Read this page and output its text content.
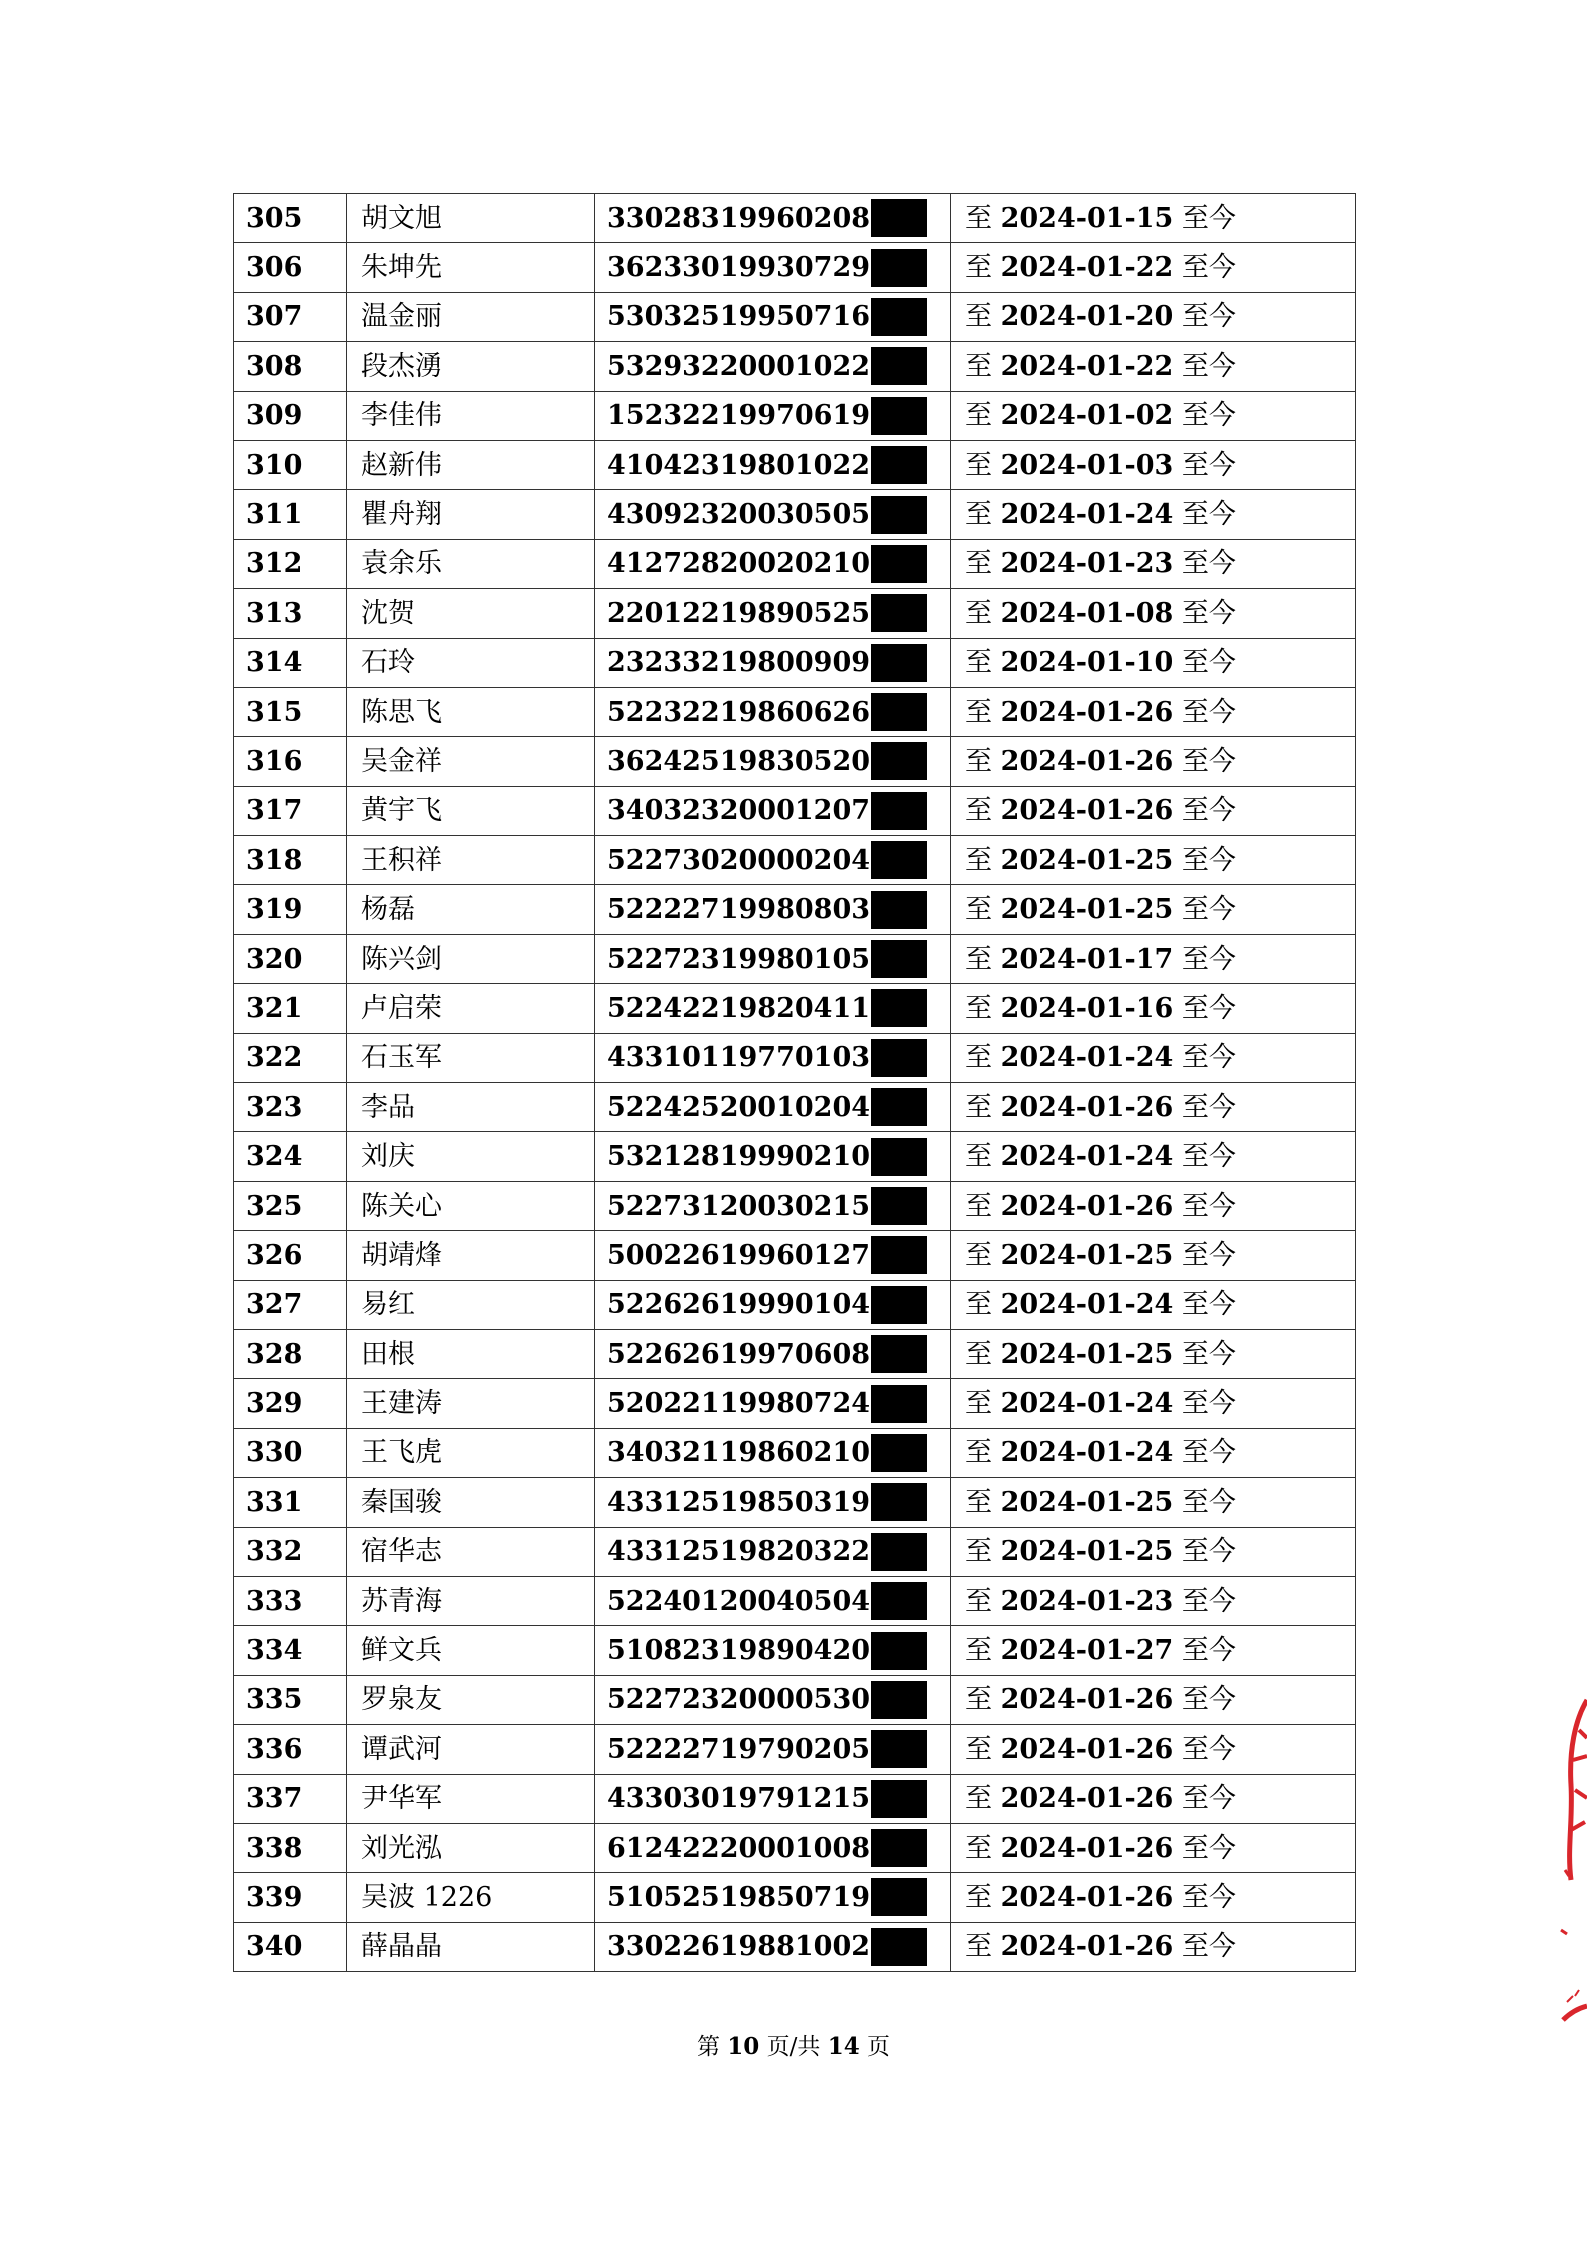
305	胡文旭	33028319960208	至 2024-01-15 至今
306	朱坤先	36233019930729	至 2024-01-22 至今
307	温金丽	53032519950716	至 2024-01-20 至今
308	段杰湧	53293220001022	至 2024-01-22 至今
309	李佳伟	15232219970619	至 2024-01-02 至今
310	赵新伟	41042319801022	至 2024-01-03 至今
311	瞿舟翔	43092320030505	至 2024-01-24 至今
312	袁余乐	41272820020210	至 2024-01-23 至今
313	沈贺	22012219890525	至 2024-01-08 至今
314	石玲	23233219800909	至 2024-01-10 至今
315	陈思飞	52232219860626	至 2024-01-26 至今
316	吴金祥	36242519830520	至 2024-01-26 至今
317	黄宇飞	34032320001207	至 2024-01-26 至今
318	王积祥	52273020000204	至 2024-01-25 至今
319	杨磊	52222719980803	至 2024-01-25 至今
320	陈兴剑	52272319980105	至 2024-01-17 至今
321	卢启荣	52242219820411	至 2024-01-16 至今
322	石玉军	43310119770103	至 2024-01-24 至今
323	李品	52242520010204	至 2024-01-26 至今
324	刘庆	53212819990210	至 2024-01-24 至今
325	陈关心	52273120030215	至 2024-01-26 至今
326	胡靖烽	50022619960127	至 2024-01-25 至今
327	易红	52262619990104	至 2024-01-24 至今
328	田根	52262619970608	至 2024-01-25 至今
329	王建涛	52022119980724	至 2024-01-24 至今
330	王飞虎	34032119860210	至 2024-01-24 至今
331	秦国骏	43312519850319	至 2024-01-25 至今
332	宿华志	43312519820322	至 2024-01-25 至今
333	苏青海	52240120040504	至 2024-01-23 至今
334	鲜文兵	51082319890420	至 2024-01-27 至今
335	罗泉友	52272320000530	至 2024-01-26 至今
336	谭武河	52222719790205	至 2024-01-26 至今
337	尹华军	43303019791215	至 2024-01-26 至今
338	刘光泓	61242220001008	至 2024-01-26 至今
339	吴波 1226	51052519850719	至 2024-01-26 至今
340	薛晶晶	33022619881002	至 2024-01-26 至今
第 10 页/共 14 页
